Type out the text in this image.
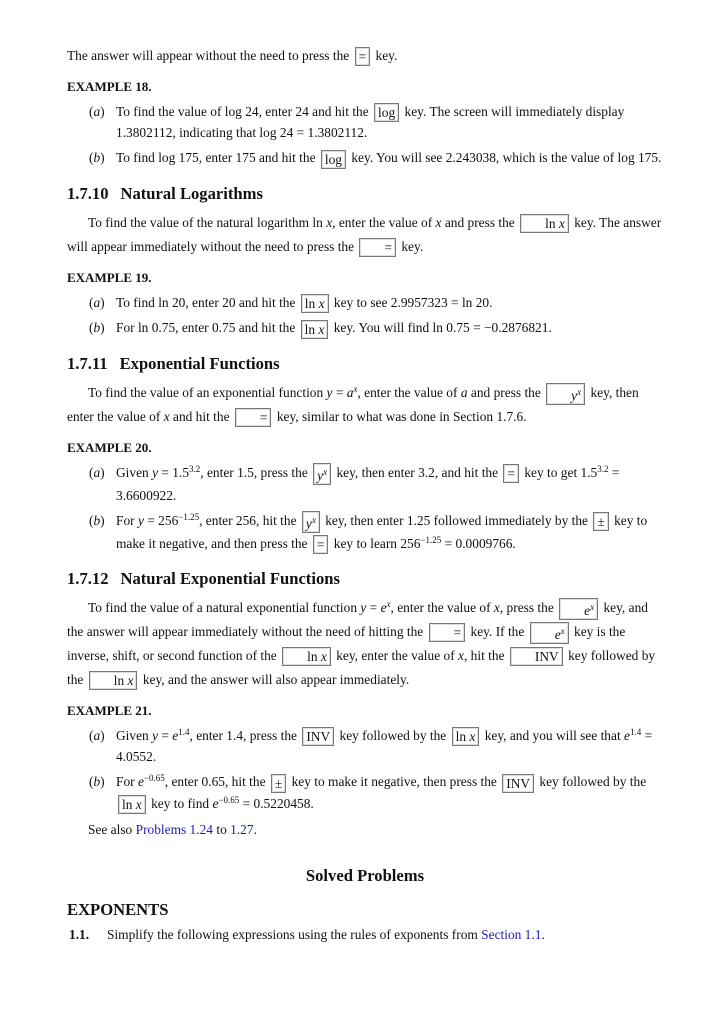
The answer will appear without the need to press the = key.

EXAMPLE 18.

(a) To find the value of log 24, enter 24 and hit the log key. The screen will immediately display 1.3802112, indicating that log 24 = 1.3802112.
(b) To find log 175, enter 175 and hit the log key. You will see 2.243038, which is the value of log 175.
1.7.10 Natural Logarithms

To find the value of the natural logarithm ln x, enter the value of x and press the ln x key. The answer will appear immediately without the need to press the = key.

EXAMPLE 19.

(a) To find ln 20, enter 20 and hit the ln x key to see 2.9957323 = ln 20.
(b) For ln 0.75, enter 0.75 and hit the ln x key. You will find ln 0.75 = −0.2876821.
1.7.11 Exponential Functions

To find the value of an exponential function $y = a^x$, enter the value of a and press the $y^x$ key, then enter the value of x and hit the = key, similar to what was done in Section 1.7.6.

EXAMPLE 20.

(a) Given $y = 1.5^{3.2}$, enter 1.5, press the $y^x$ key, then enter 3.2, and hit the = key to get $1.5^{3.2} = 3.6600922$.
(b) For $y = 256^{-1.25}$, enter 256, hit the $y^x$ key, then enter 1.25 followed immediately by the ± key to make it negative, and then press the = key to learn $256^{-1.25} = 0.0009766$.
1.7.12 Natural Exponential Functions

To find the value of a natural exponential function $y = e^x$, enter the value of x, press the $e^x$ key, and the answer will appear immediately without the need of hitting the = key. If the $e^x$ key is the inverse, shift, or second function of the ln x key, enter the value of x, hit the INV key followed by the ln x key, and the answer will also appear immediately.

EXAMPLE 21.

(a) Given $y = e^{1.4}$, enter 1.4, press the INV key followed by the ln x key, and you will see that $e^{1.4} = 4.0552$.
(b) For $e^{-0.65}$, enter 0.65, hit the ± key to make it negative, then press the INV key followed by the ln x key to find $e^{-0.65} = 0.5220458$.

See also Problems 1.24 to 1.27.

Solved Problems
EXPONENTS
1.1. Simplify the following expressions using the rules of exponents from Section 1.1.
